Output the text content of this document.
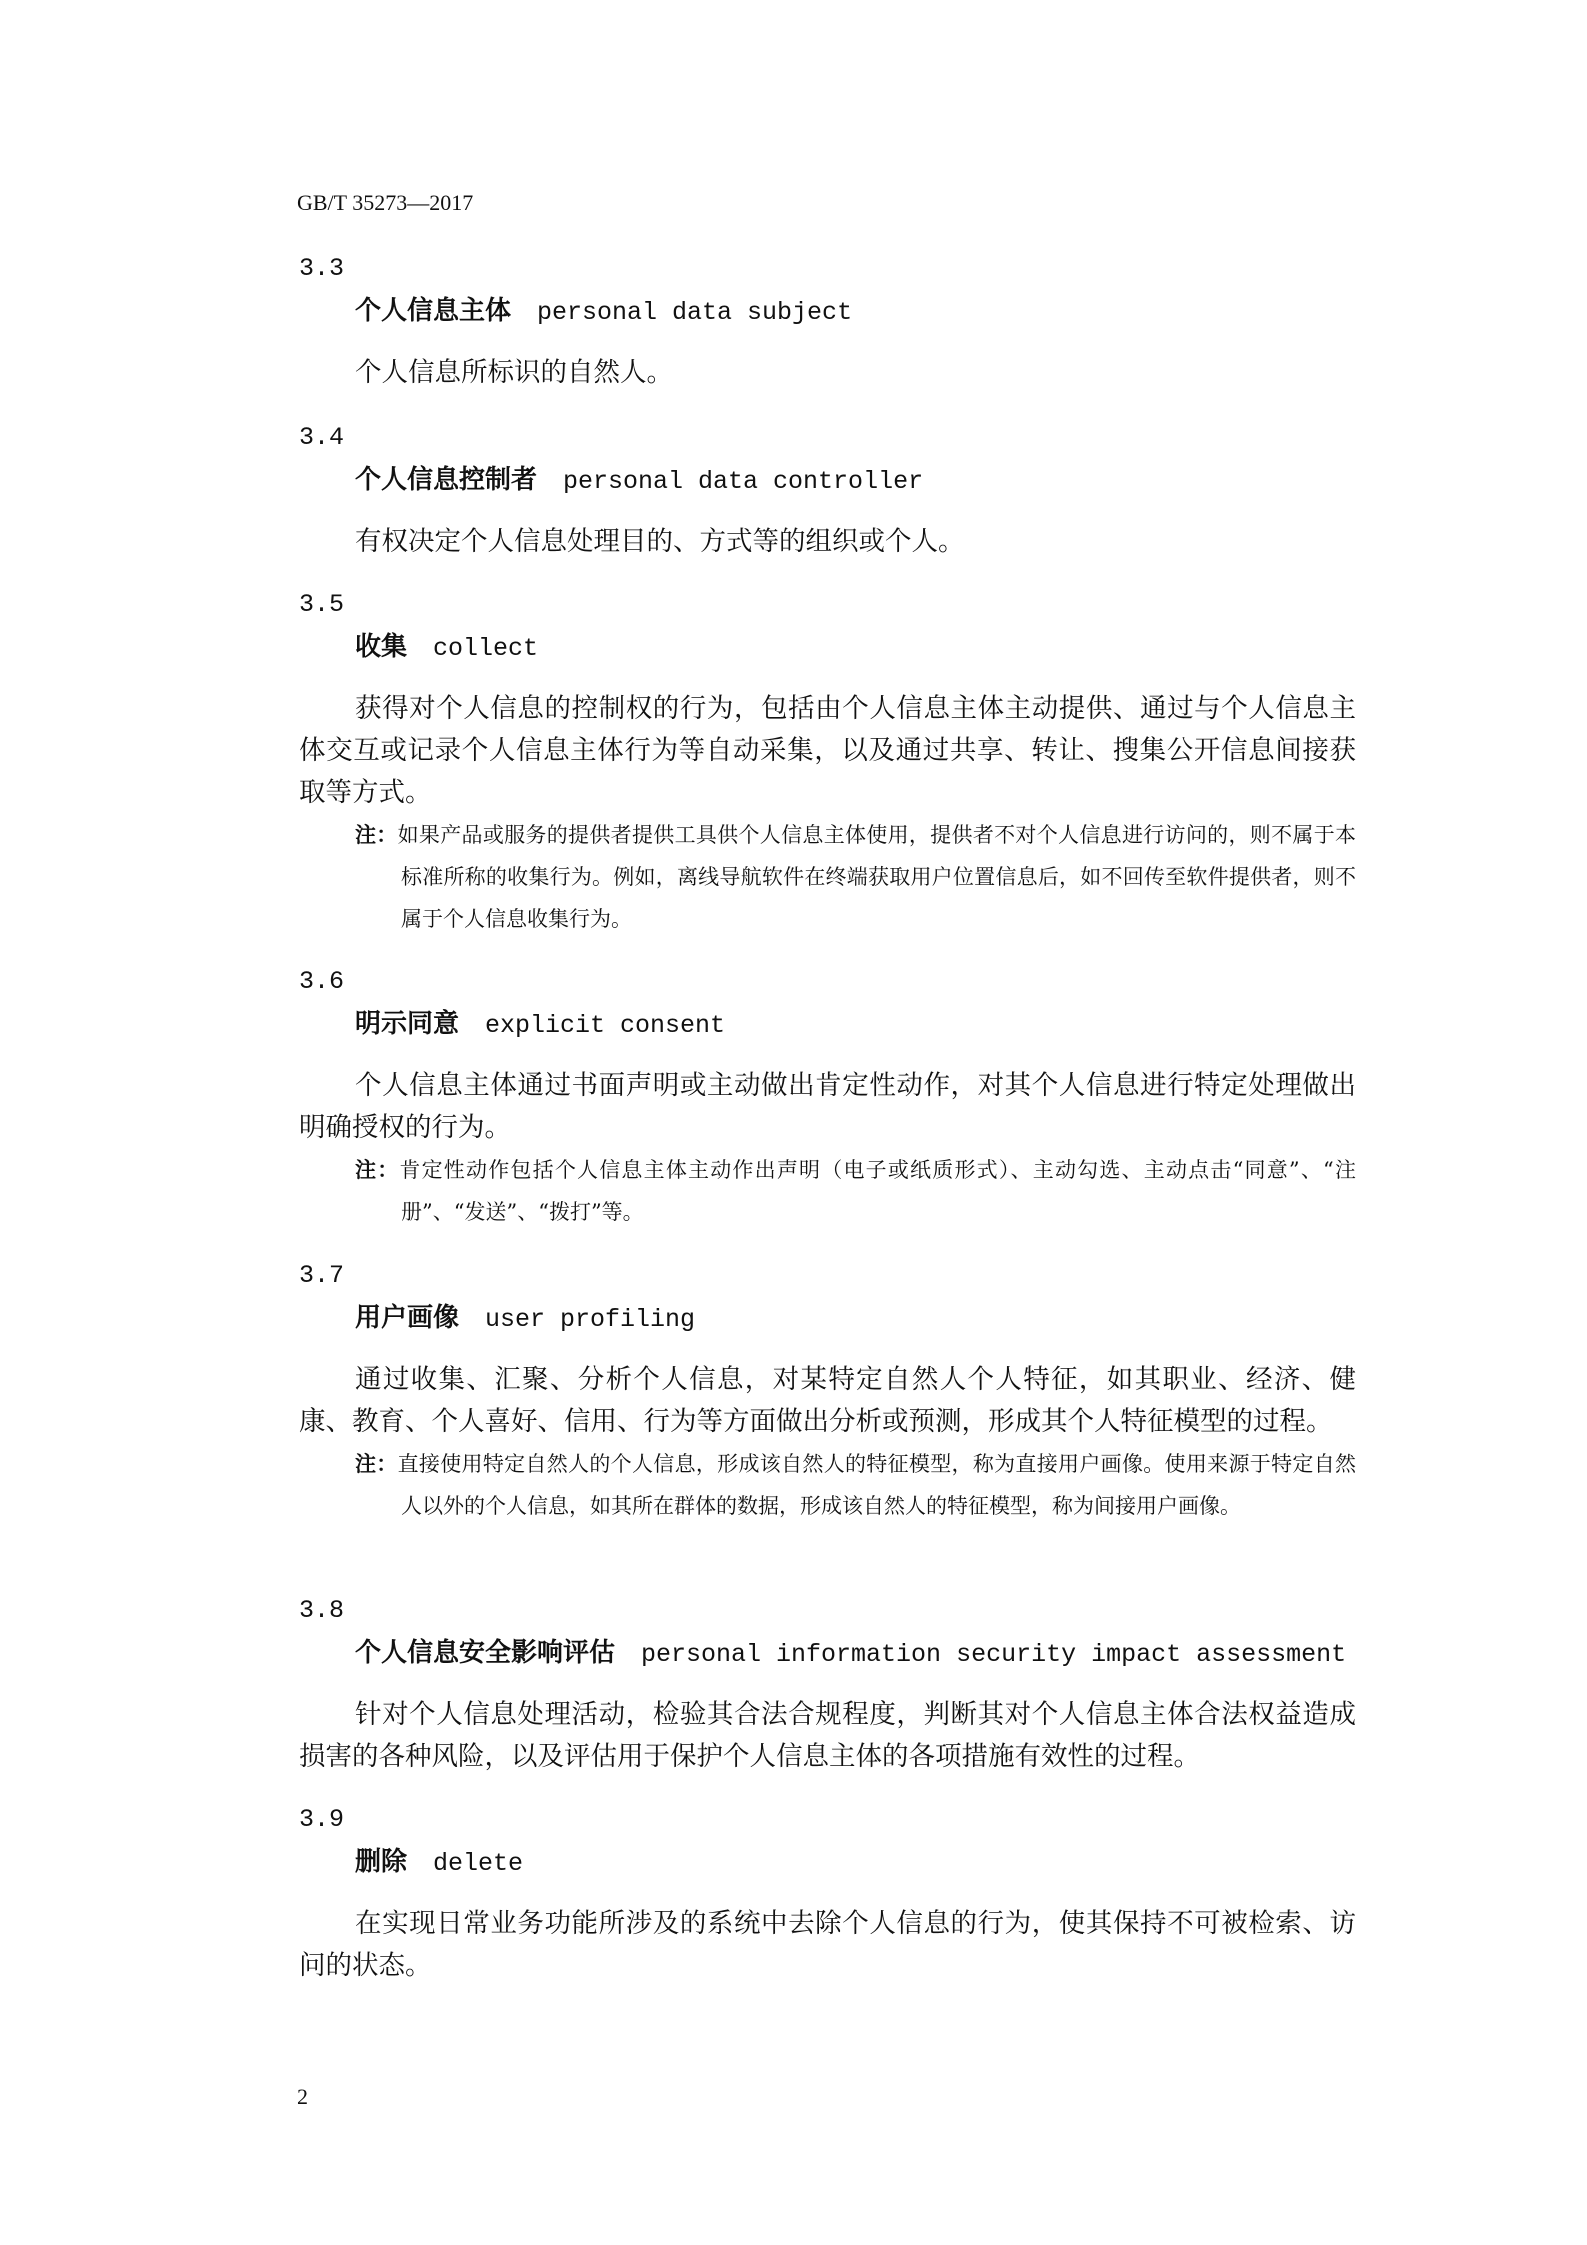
GB/T 35273—2017
3.3
个人信息主体 personal data subject
个人信息所标识的自然人。
3.4
个人信息控制者 personal data controller
有权决定个人信息处理目的、方式等的组织或个人。
3.5
收集 collect
获得对个人信息的控制权的行为，包括由个人信息主体主动提供、通过与个人信息主体交互或记录个人信息主体行为等自动采集，以及通过共享、转让、搜集公开信息间接获取等方式。
注：如果产品或服务的提供者提供工具供个人信息主体使用，提供者不对个人信息进行访问的，则不属于本标准所称的收集行为。例如，离线导航软件在终端获取用户位置信息后，如不回传至软件提供者，则不属于个人信息收集行为。
3.6
明示同意 explicit consent
个人信息主体通过书面声明或主动做出肯定性动作，对其个人信息进行特定处理做出明确授权的行为。
注：肯定性动作包括个人信息主体主动作出声明（电子或纸质形式）、主动勾选、主动点击“同意”、“注册”、“发送”、“拨打”等。
3.7
用户画像 user profiling
通过收集、汇聚、分析个人信息，对某特定自然人个人特征，如其职业、经济、健康、教育、个人喜好、信用、行为等方面做出分析或预测，形成其个人特征模型的过程。
注：直接使用特定自然人的个人信息，形成该自然人的特征模型，称为直接用户画像。使用来源于特定自然人以外的个人信息，如其所在群体的数据，形成该自然人的特征模型，称为间接用户画像。
3.8
个人信息安全影响评估 personal information security impact assessment
针对个人信息处理活动，检验其合法合规程度，判断其对个人信息主体合法权益造成损害的各种风险，以及评估用于保护个人信息主体的各项措施有效性的过程。
3.9
删除 delete
在实现日常业务功能所涉及的系统中去除个人信息的行为，使其保持不可被检索、访问的状态。
2
